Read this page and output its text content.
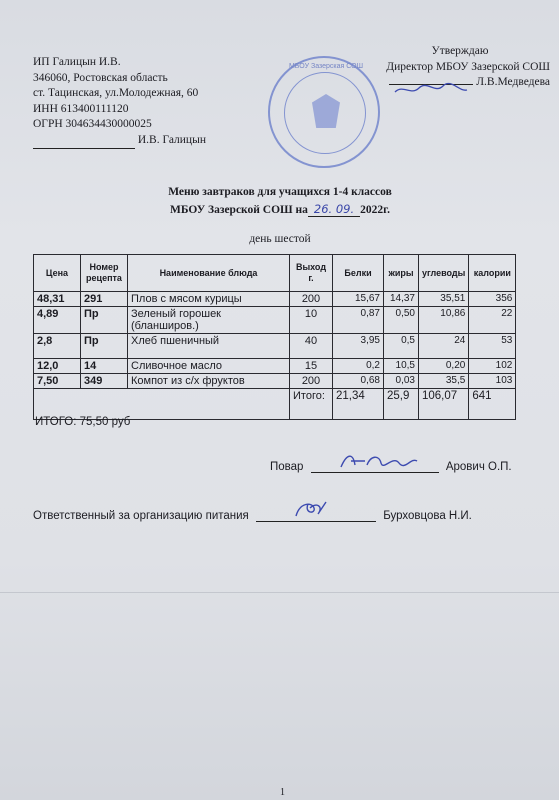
ИП Галицын И.В.
346060, Ростовская область
ст. Тацинская, ул.Молодежная, 60
ИНН 613400111120
ОГРН 304634430000025
И.В. Галицын
МБОУ Зазерская СОШ
Утверждаю
Директор МБОУ Зазерской СОШ
Л.В.Медведева
Меню завтраков для учащихся 1-4 классов
МБОУ Зазерской СОШ на 26. 09. 2022г.
день шестой
Цена	Номер рецепта	Наименование блюда	Выход г.	Белки	жиры	углеводы	калории
48,31	291	Плов с мясом курицы	200	15,67	14,37	35,51	356
4,89	Пр	Зеленый горошек (бланширов.)	10	0,87	0,50	10,86	22
2,8	Пр	Хлеб пшеничный	40	3,95	0,5	24	53
12,0	14	Сливочное масло	15	0,2	10,5	0,20	102
7,50	349	Компот из с/х фруктов	200	0,68	0,03	35,5	103
			Итого:	21,34	25,9	106,07	641
ИТОГО: 75,50 руб
Повар	Арович О.П.
Ответственный за организацию питания	Бурховцова Н.И.
1
